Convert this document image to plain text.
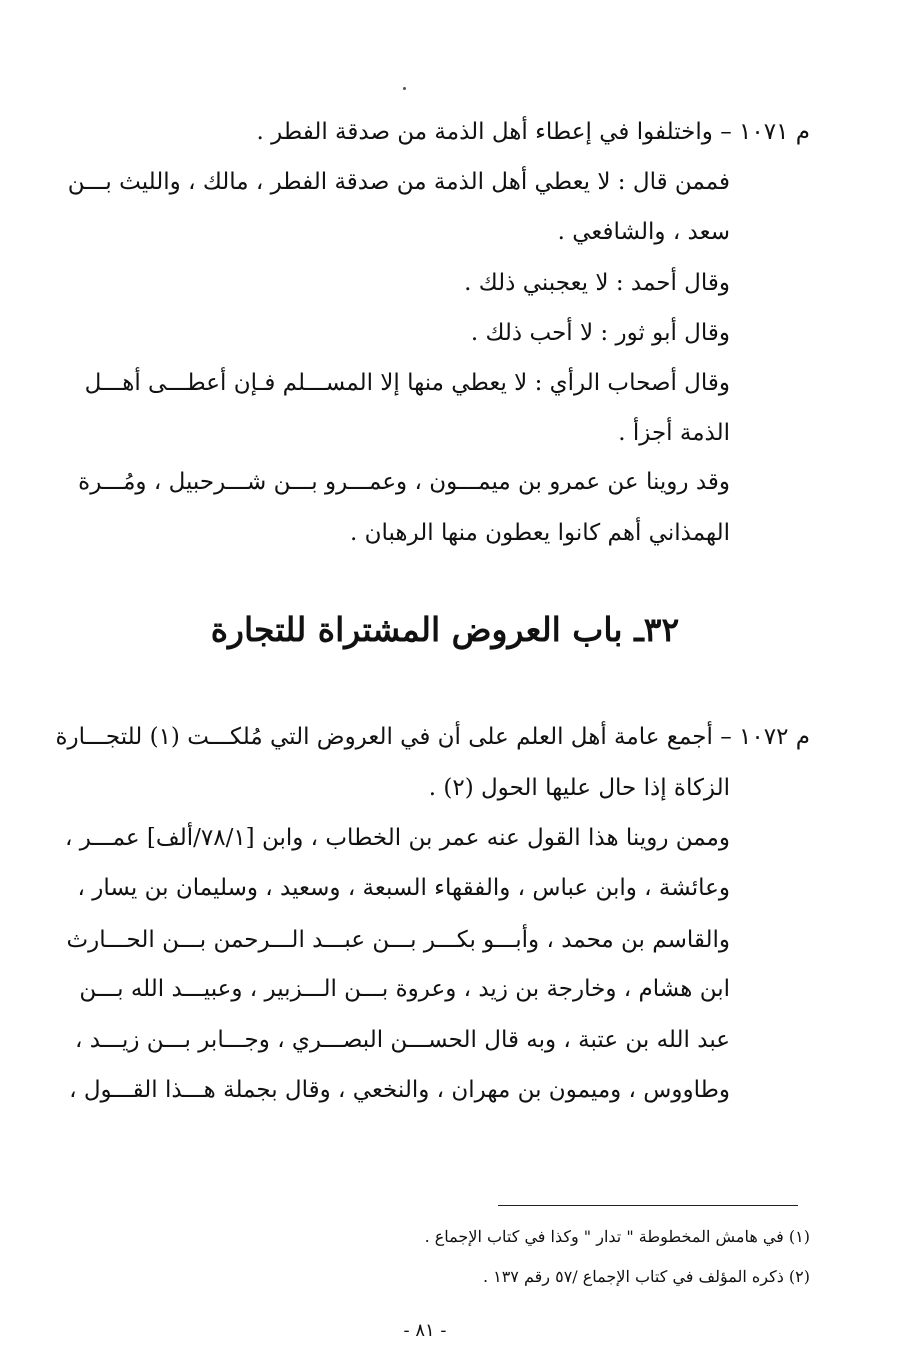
م ١٠٧١ – واختلفوا في إعطاء أهل الذمة من صدقة الفطر .
فممن قال : لا يعطي أهل الذمة من صدقة الفطر ، مالك ، والليث بـــن
سعد ، والشافعي .
وقال أحمد : لا يعجبني ذلك .
وقال أبو ثور : لا أحب ذلك .
وقال أصحاب الرأي : لا يعطي منها إلا المســـلم فـإن أعطـــى أهـــل
الذمة أجزأ .
وقد روينا عن عمرو بن ميمـــون ، وعمـــرو بـــن شـــرحبيل ، ومُـــرة
الهمذاني أهم كانوا يعطون منها الرهبان .
٣٢ـ باب العروض المشتراة للتجارة
م ١٠٧٢ – أجمع عامة أهل العلم على أن في العروض التي مُلكـــت (١) للتجـــارة
الزكاة إذا حال عليها الحول (٢) .
وممن روينا هذا القول عنه عمر بن الخطاب ، وابن [٧٨/١/ألف] عمـــر ،
وعائشة ، وابن عباس ، والفقهاء السبعة ، وسعيد ، وسليمان بن يسار ،
والقاسم بن محمد ، وأبـــو بكـــر بـــن عبـــد الـــرحمن بـــن الحـــارث
ابن هشام ، وخارجة بن زيد ، وعروة بـــن الـــزبير ، وعبيـــد الله بـــن
عبد الله بن عتبة ، وبه قال الحســـن البصـــري ، وجـــابر بـــن زيـــد ،
وطاووس ، وميمون بن مهران ، والنخعي ، وقال بجملة هـــذا القـــول ،
(١) في هامش المخطوطة " تدار " وكذا في كتاب الإجماع .
(٢) ذكره المؤلف في كتاب الإجماع /٥٧ رقم ١٣٧ .
- ٨١ -
